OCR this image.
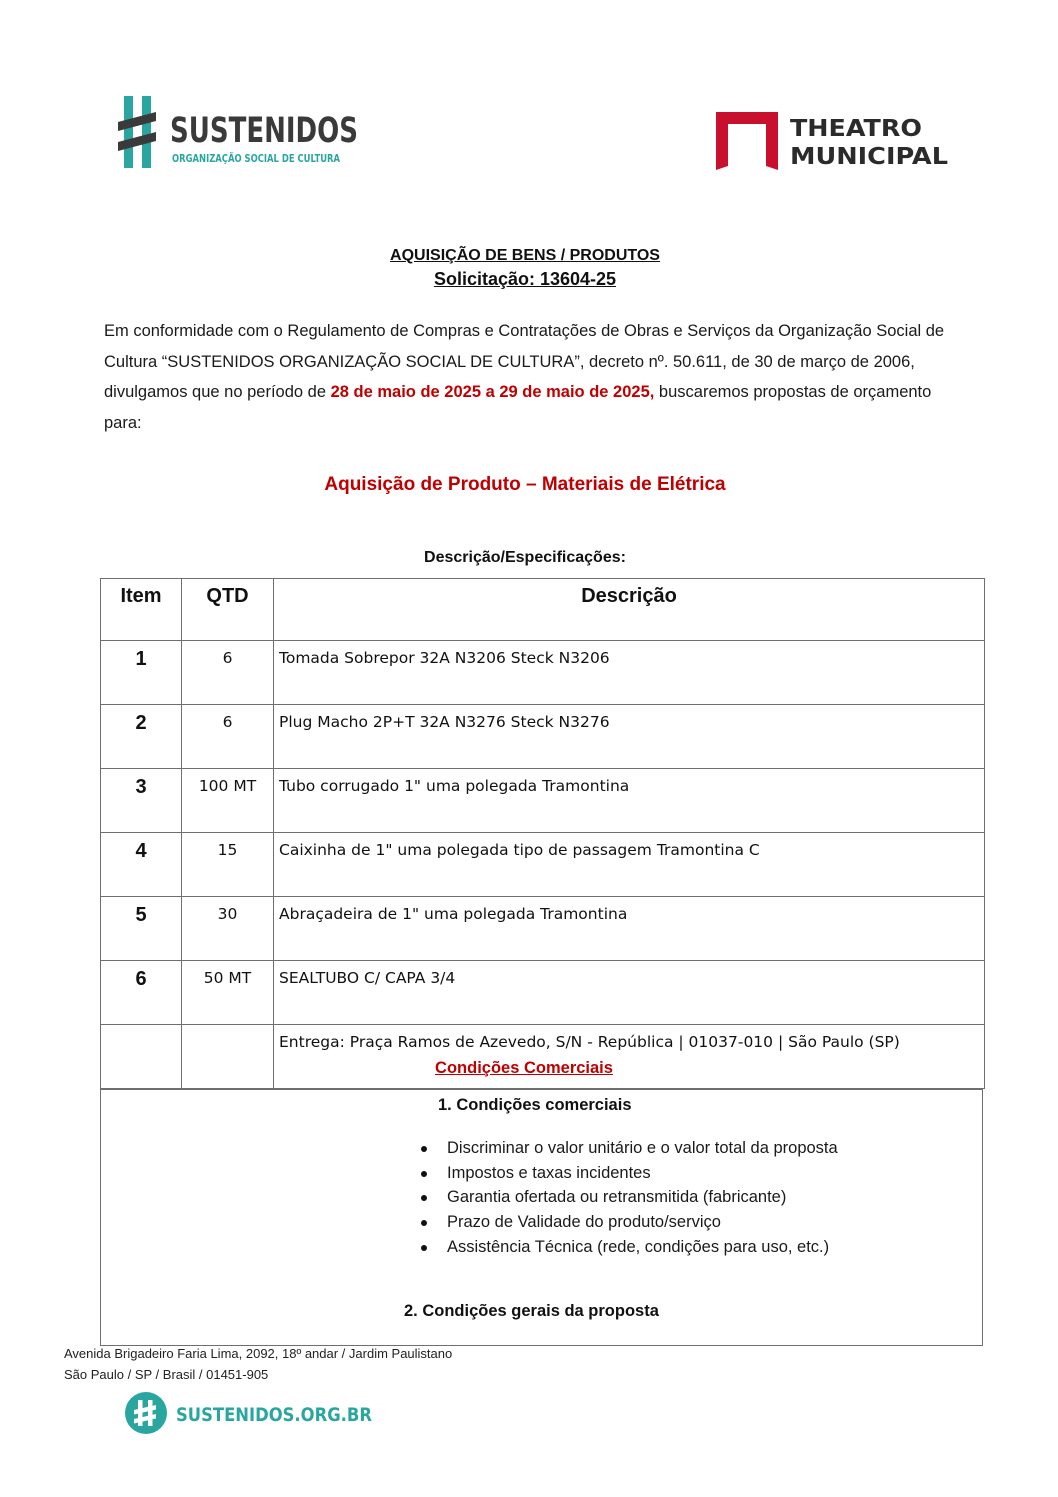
SUSTENIDOS
ORGANIZAÇÃO SOCIAL DE CULTURA
THEATRO
MUNICIPAL
AQUISIÇÃO DE BENS / PRODUTOS
Solicitação: 13604-25
Em conformidade com o Regulamento de Compras e Contratações de Obras e Serviços da Organização Social de Cultura “SUSTENIDOS ORGANIZAÇÃO SOCIAL DE CULTURA”, decreto nº. 50.611, de 30 de março de 2006, divulgamos que no período de 28 de maio de 2025 a 29 de maio de 2025, buscaremos propostas de orçamento para:
Aquisição de Produto – Materiais de Elétrica
Descrição/Especificações:
Item	QTD	Descrição
1	6	Tomada Sobrepor 32A N3206 Steck N3206
2	6	Plug Macho 2P+T 32A N3276 Steck N3276
3	100 MT	Tubo corrugado 1" uma polegada Tramontina
4	15	Caixinha de 1" uma polegada tipo de passagem Tramontina C
5	30	Abraçadeira de 1" uma polegada Tramontina
6	50 MT	SEALTUBO C/ CAPA 3/4
		Entrega: Praça Ramos de Azevedo, S/N - República | 01037-010 | São Paulo (SP)
Condições Comerciais
1. Condições comerciais
Discriminar o valor unitário e o valor total da proposta
Impostos e taxas incidentes
Garantia ofertada ou retransmitida (fabricante)
Prazo de Validade do produto/serviço
Assistência Técnica (rede, condições para uso, etc.)
2. Condições gerais da proposta
Avenida Brigadeiro Faria Lima, 2092, 18º andar / Jardim Paulistano
São Paulo / SP / Brasil / 01451-905
SUSTENIDOS.ORG.BR
